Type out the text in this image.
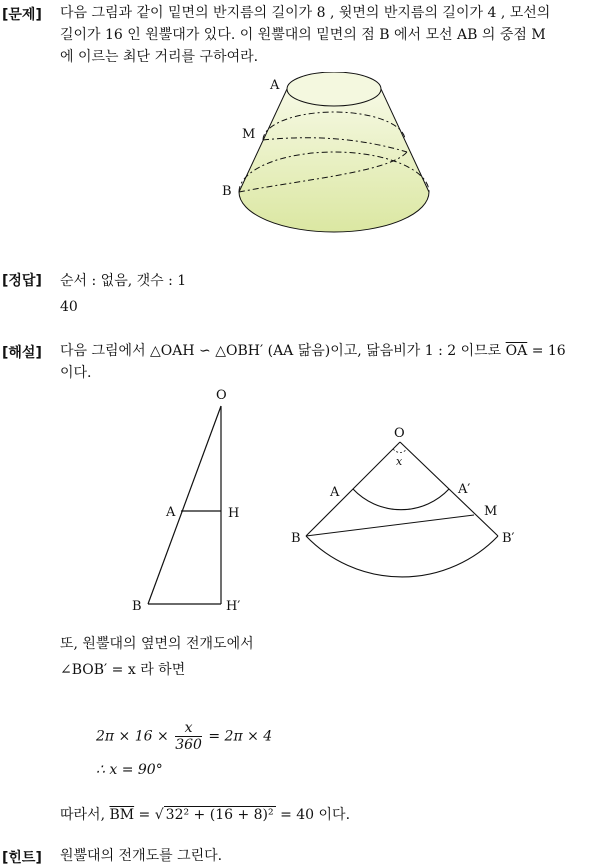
[문제] 다음 그림과 같이 밑면의 반지름의 길이가 8 , 윗면의 반지름의 길이가 4 , 모선의
길이가 16 인 원뿔대가 있다. 이 원뿔대의 밑면의 점 B 에서 모선 AB 의 중점 M
에 이르는 최단 거리를 구하여라.
A
M
B
[정답] 순서 : 없음, 갯수 : 1
40
[해설] 다음 그림에서 △OAH ∽ △OBH′ (AA 닮음)이고, 닮음비가 1 : 2 이므로 $\overline{OA} = 16$
이다.
O
A	H
B	H′
O
x
A	A′
M
B	B′
또, 원뿔대의 옆면의 전개도에서
∠BOB′ = x 라 하면
$2\pi \times 16 \times \frac{x}{360} = 2\pi \times 4$
∴ x = 90°
따라서, $\overline{BM}$ = √ 32² + (16 + 8)² = 40 이다.
[힌트] 원뿔대의 전개도를 그린다.
